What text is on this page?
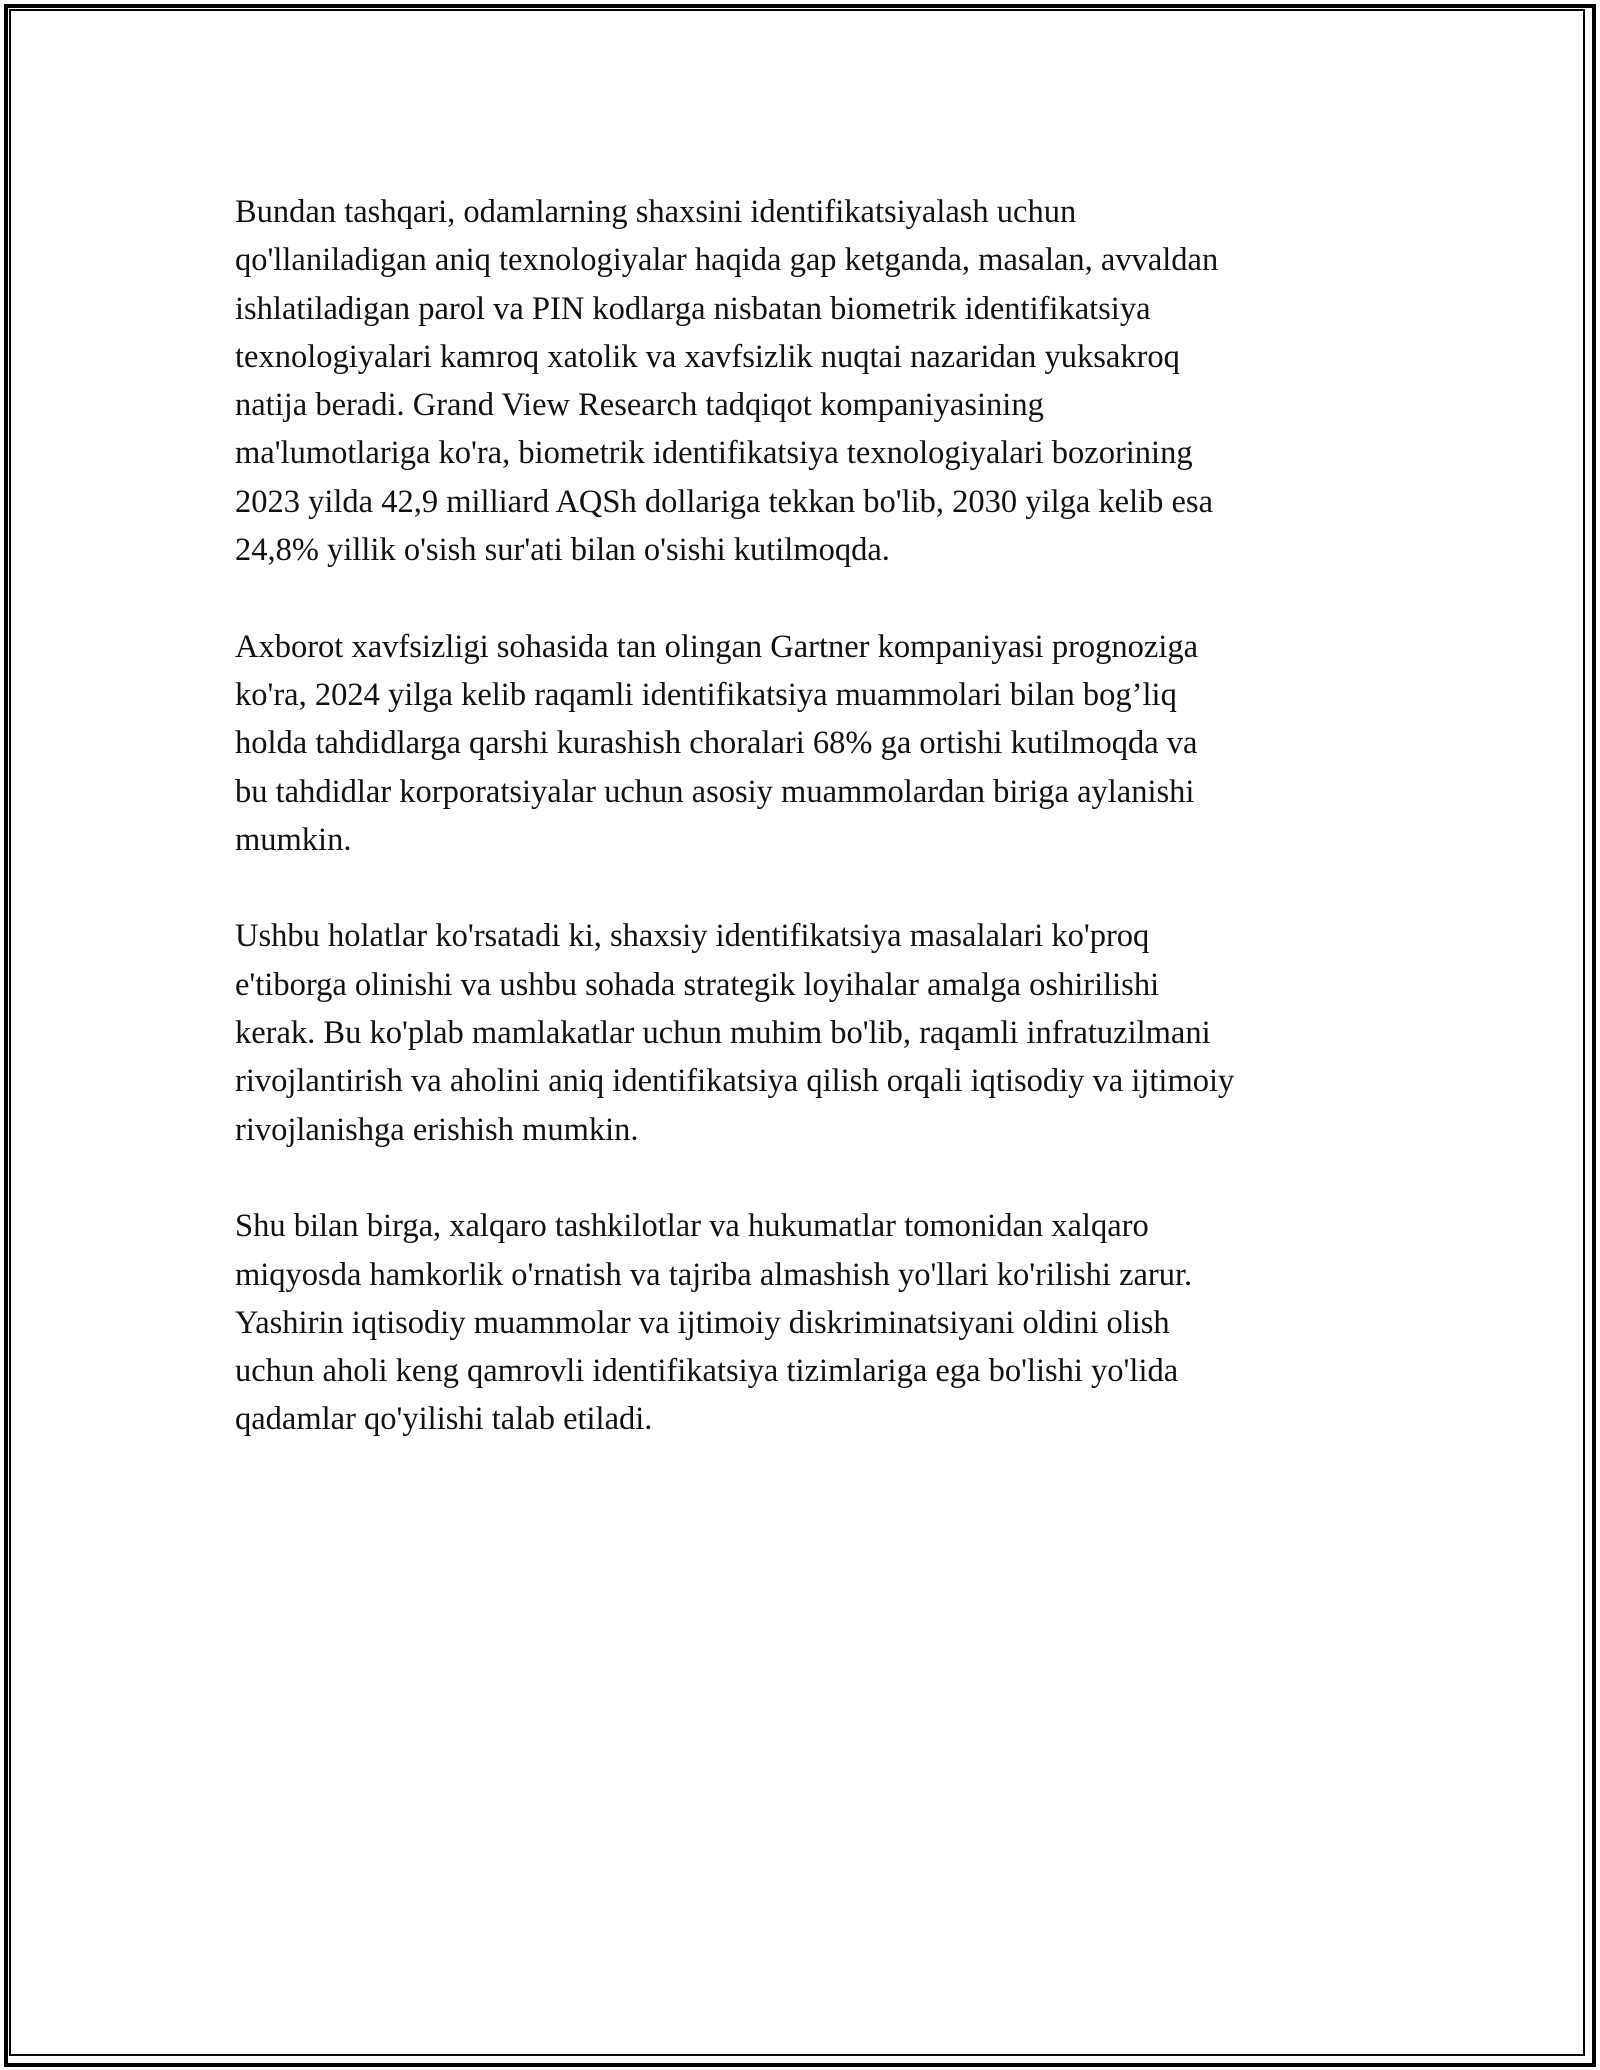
Bundan tashqari, odamlarning shaxsini identifikatsiyalash uchun
qo'llaniladigan aniq texnologiyalar haqida gap ketganda, masalan, avvaldan
ishlatiladigan parol va PIN kodlarga nisbatan biometrik identifikatsiya
texnologiyalari kamroq xatolik va xavfsizlik nuqtai nazaridan yuksakroq
natija beradi. Grand View Research tadqiqot kompaniyasining
ma'lumotlariga ko'ra, biometrik identifikatsiya texnologiyalari bozorining
2023 yilda 42,9 milliard AQSh dollariga tekkan bo'lib, 2030 yilga kelib esa
24,8% yillik o'sish sur'ati bilan o'sishi kutilmoqda.
Axborot xavfsizligi sohasida tan olingan Gartner kompaniyasi prognoziga
ko'ra, 2024 yilga kelib raqamli identifikatsiya muammolari bilan bog’liq
holda tahdidlarga qarshi kurashish choralari 68% ga ortishi kutilmoqda va
bu tahdidlar korporatsiyalar uchun asosiy muammolardan biriga aylanishi
mumkin.
Ushbu holatlar ko'rsatadi ki, shaxsiy identifikatsiya masalalari ko'proq
e'tiborga olinishi va ushbu sohada strategik loyihalar amalga oshirilishi
kerak. Bu ko'plab mamlakatlar uchun muhim bo'lib, raqamli infratuzilmani
rivojlantirish va aholini aniq identifikatsiya qilish orqali iqtisodiy va ijtimoiy
rivojlanishga erishish mumkin.
Shu bilan birga, xalqaro tashkilotlar va hukumatlar tomonidan xalqaro
miqyosda hamkorlik o'rnatish va tajriba almashish yo'llari ko'rilishi zarur.
Yashirin iqtisodiy muammolar va ijtimoiy diskriminatsiyani oldini olish
uchun aholi keng qamrovli identifikatsiya tizimlariga ega bo'lishi yo'lida
qadamlar qo'yilishi talab etiladi.
